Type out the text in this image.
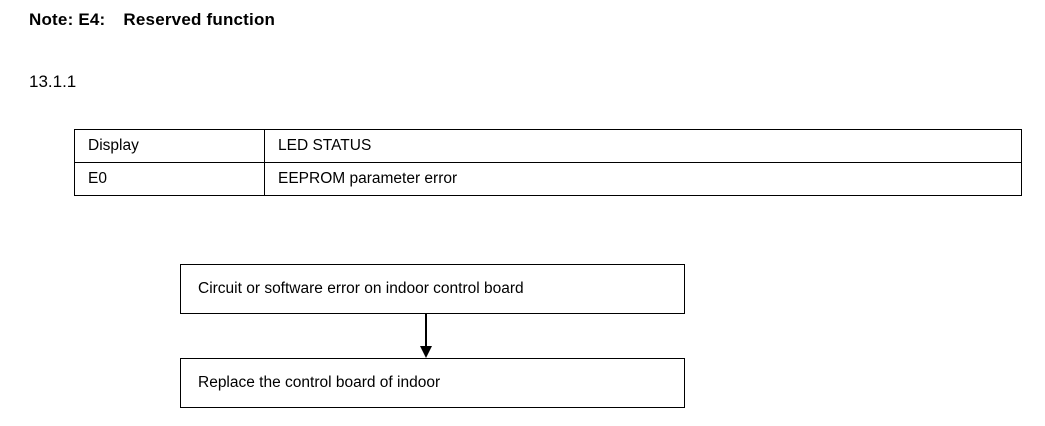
Note: E4: Reserved function
13.1.1
Display	LED STATUS
E0	EEPROM parameter error
Circuit or software error on indoor control board
Replace the control board of indoor
